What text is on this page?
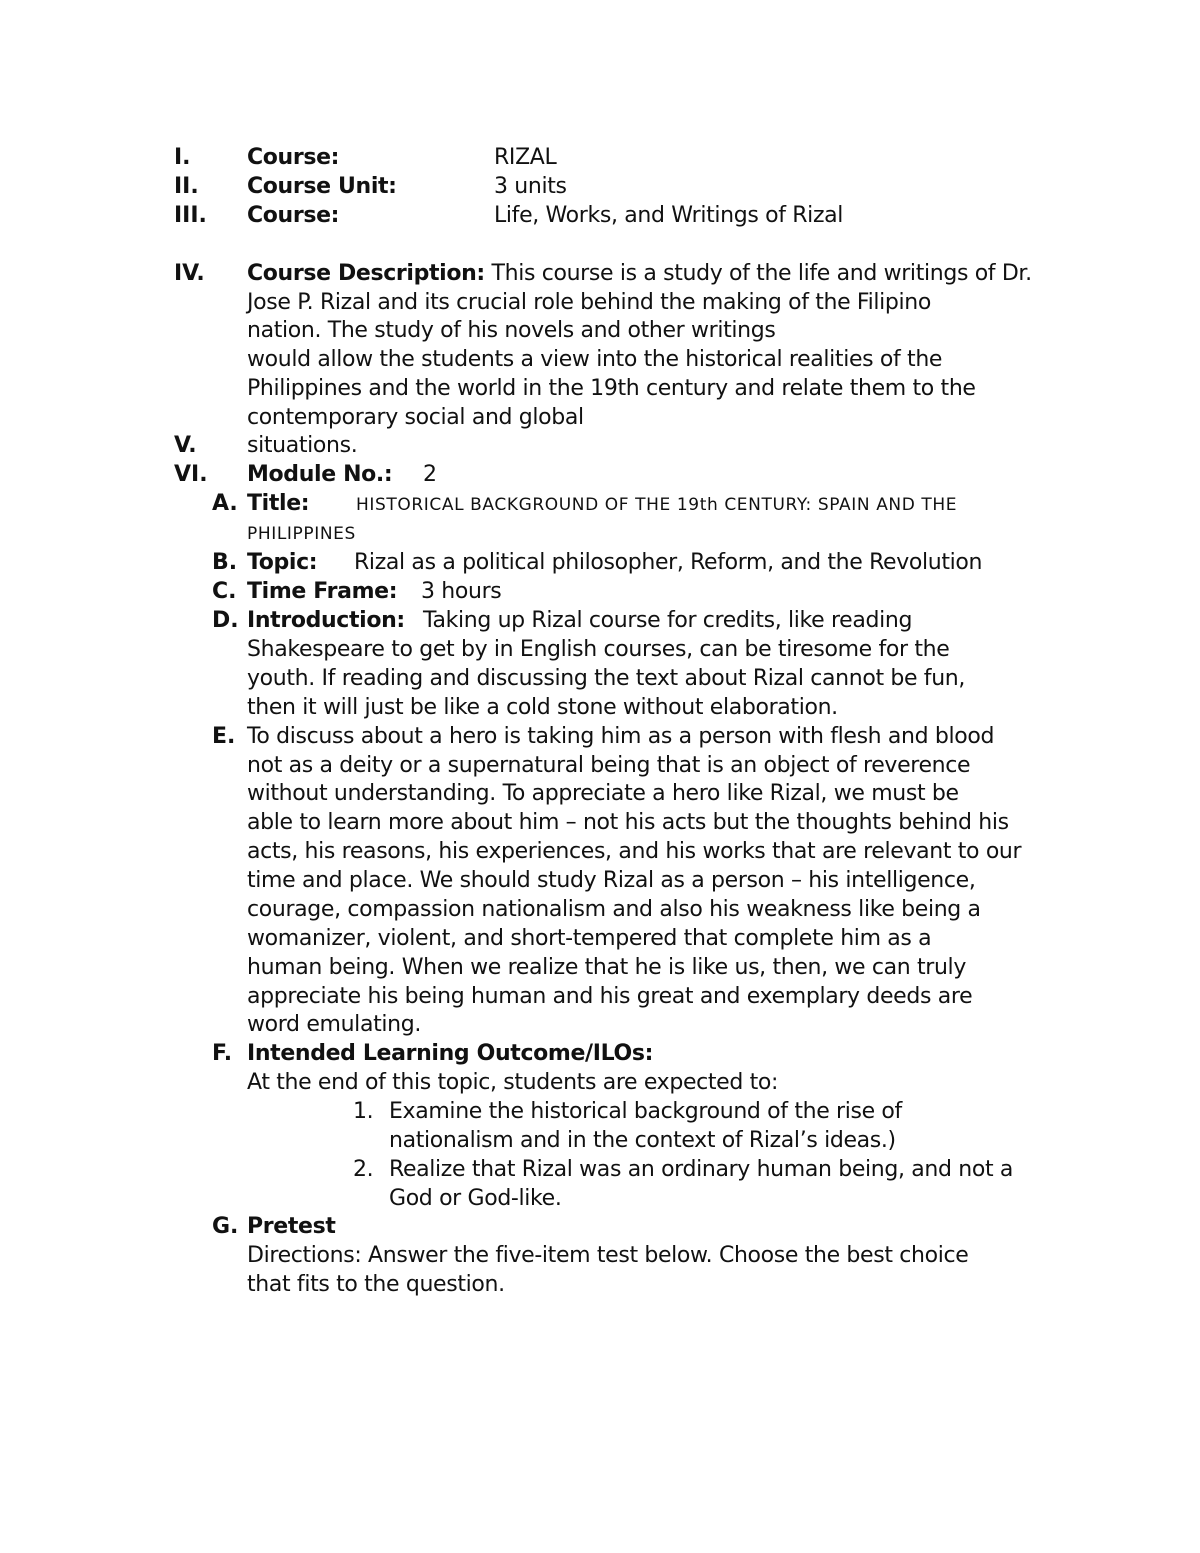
I.	Course:	RIZAL
II. Course Unit:	3 units
III. Course:	Life, Works, and Writings of Rizal
IV. Course Description: This course is a study of the life and writings of Dr.
Jose P. Rizal and its crucial role behind the making of the Filipino
nation. The study of his novels and other writings
would allow the students a view into the historical realities of the
Philippines and the world in the 19th century and relate them to the
contemporary social and global
V. situations.
VI. Module No.: 2
A. Title:	HISTORICAL BACKGROUND OF THE 19th CENTURY: SPAIN AND THE
PHILIPPINES
B. Topic: Rizal as a political philosopher, Reform, and the Revolution
C. Time Frame: 3 hours
D. Introduction: Taking up Rizal course for credits, like reading
Shakespeare to get by in English courses, can be tiresome for the
youth. If reading and discussing the text about Rizal cannot be fun,
then it will just be like a cold stone without elaboration.
E. To discuss about a hero is taking him as a person with flesh and blood
not as a deity or a supernatural being that is an object of reverence
without understanding. To appreciate a hero like Rizal, we must be
able to learn more about him – not his acts but the thoughts behind his
acts, his reasons, his experiences, and his works that are relevant to our
time and place. We should study Rizal as a person – his intelligence,
courage, compassion nationalism and also his weakness like being a
womanizer, violent, and short-tempered that complete him as a
human being. When we realize that he is like us, then, we can truly
appreciate his being human and his great and exemplary deeds are
word emulating.
F. Intended Learning Outcome/ILOs:
At the end of this topic, students are expected to:
1. Examine the historical background of the rise of
nationalism and in the context of Rizal’s ideas.)
2. Realize that Rizal was an ordinary human being, and not a
God or God-like.
G. Pretest
Directions: Answer the five-item test below. Choose the best choice
that fits to the question.
